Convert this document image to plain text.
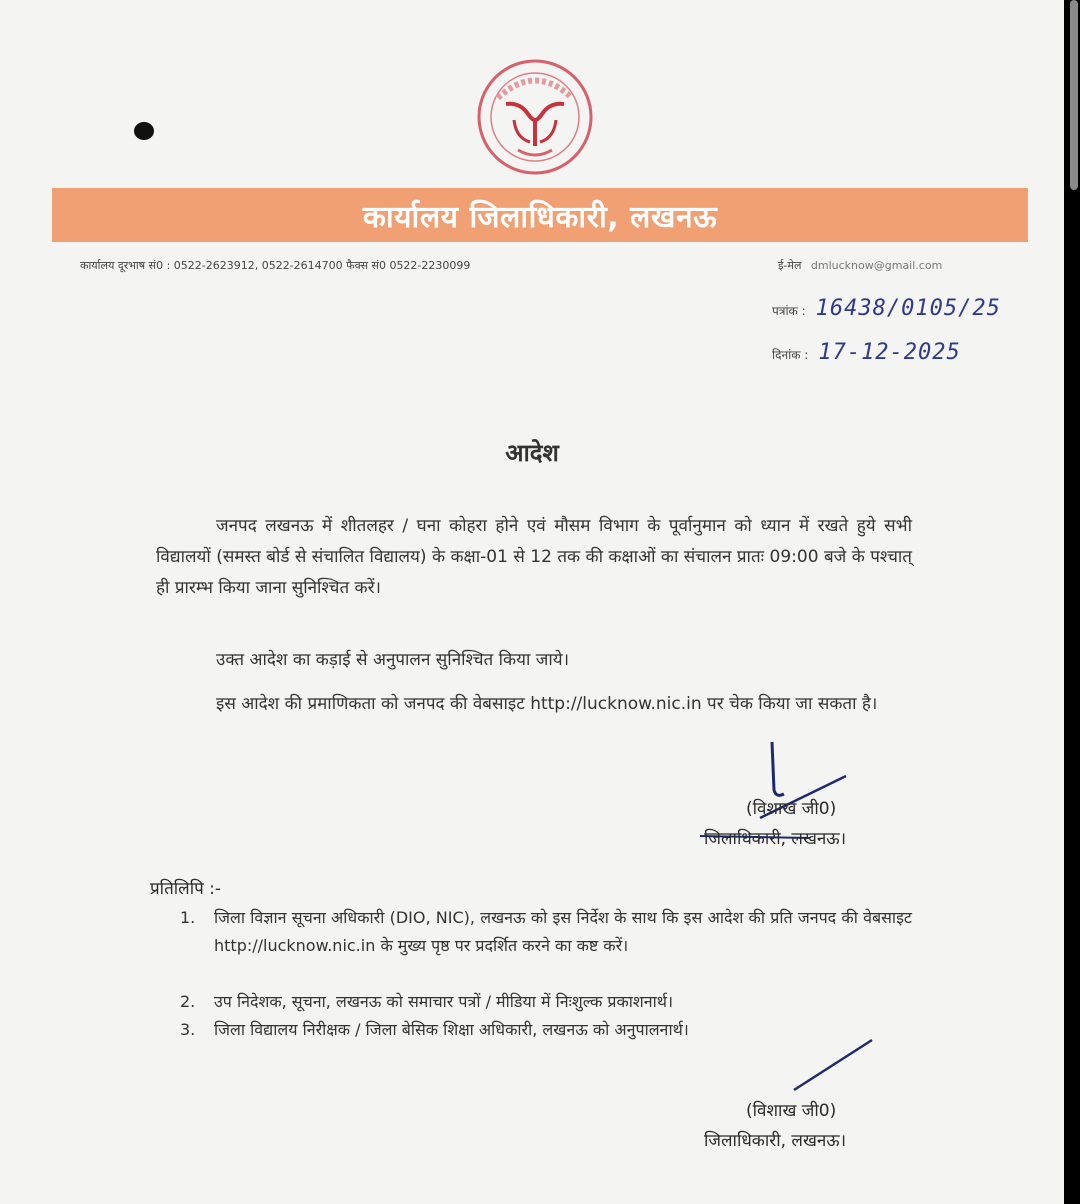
कार्यालय जिलाधिकारी, लखनऊ
कार्यालय दूरभाष सं0 : 0522-2623912, 0522-2614700 फैक्स सं0 0522-2230099	ई-मेल dmlucknow@gmail.com
पत्रांक : 16438/0105/25
दिनांक : 17-12-2025
आदेश
जनपद लखनऊ में शीतलहर / घना कोहरा होने एवं मौसम विभाग के पूर्वानुमान को ध्यान में रखते हुये सभी विद्यालयों (समस्त बोर्ड से संचालित विद्यालय) के कक्षा-01 से 12 तक की कक्षाओं का संचालन प्रातः 09:00 बजे के पश्चात् ही प्रारम्भ किया जाना सुनिश्चित करें।
उक्त आदेश का कड़ाई से अनुपालन सुनिश्चित किया जाये।
इस आदेश की प्रमाणिकता को जनपद की वेबसाइट http://lucknow.nic.in पर चेक किया जा सकता है।
(विशाख जी0)
जिलाधिकारी, लखनऊ।
प्रतिलिपि :-
1.	जिला विज्ञान सूचना अधिकारी (DIO, NIC), लखनऊ को इस निर्देश के साथ कि इस आदेश की प्रति जनपद की वेबसाइट http://lucknow.nic.in के मुख्य पृष्ठ पर प्रदर्शित करने का कष्ट करें।
2.	उप निदेशक, सूचना, लखनऊ को समाचार पत्रों / मीडिया में निःशुल्क प्रकाशनार्थ।
3.	जिला विद्यालय निरीक्षक / जिला बेसिक शिक्षा अधिकारी, लखनऊ को अनुपालनार्थ।
(विशाख जी0)
जिलाधिकारी, लखनऊ।
